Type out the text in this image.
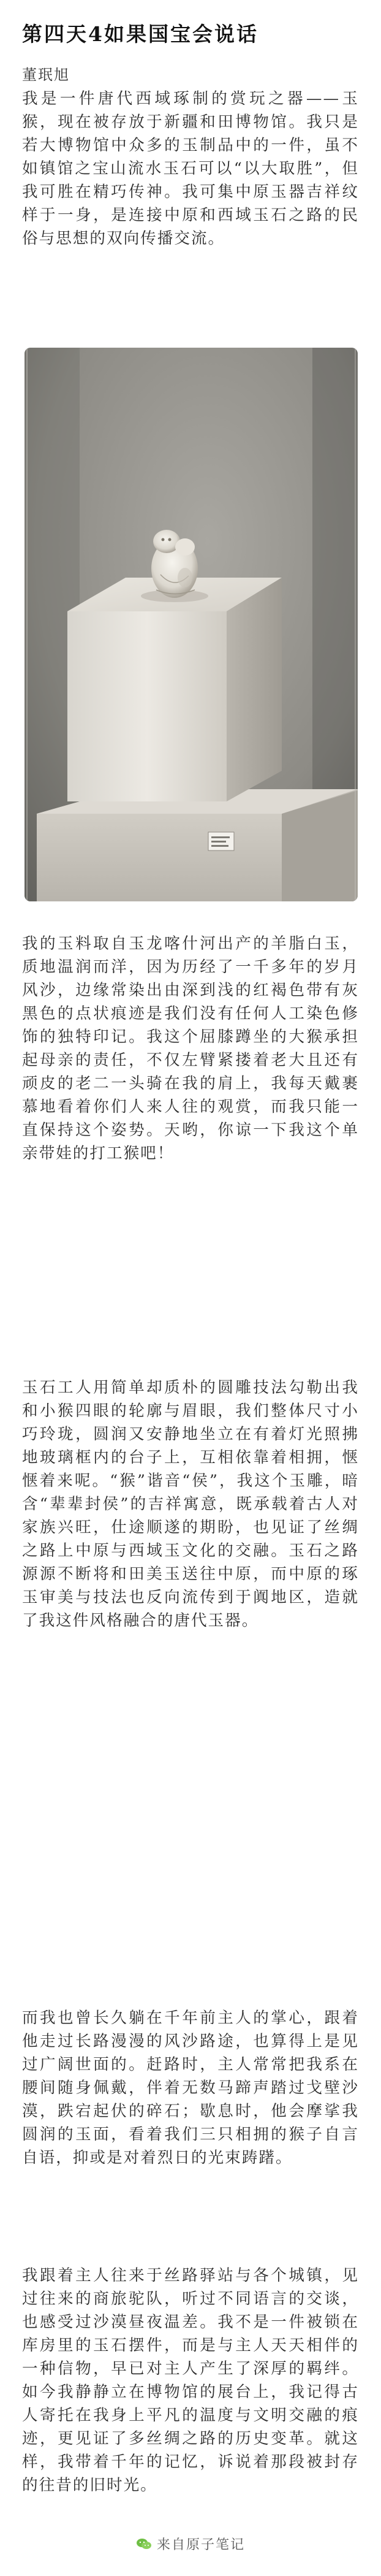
第四天4如果国宝会说话
董珉旭

我是一件唐代西域琢制的赏玩之器——玉猴，现在被存放于新疆和田博物馆。我只是若大博物馆中众多的玉制品中的一件，虽不如镇馆之宝山流水玉石可以“以大取胜”，但我可胜在精巧传神。我可集中原玉器吉祥纹样于一身，是连接中原和西域玉石之路的民俗与思想的双向传播交流。

我的玉料取自玉龙喀什河出产的羊脂白玉，质地温润而洋，因为历经了一千多年的岁月风沙，边缘常染出由深到浅的红褐色带有灰黑色的点状痕迹是我们没有任何人工染色修饰的独特印记。我这个屈膝蹲坐的大猴承担起母亲的责任，不仅左臂紧搂着老大且还有顽皮的老二一头骑在我的肩上，我每天戴裹慕地看着你们人来人往的观赏，而我只能一直保持这个姿势。天哟，你谅一下我这个单亲带娃的打工猴吧！

玉石工人用简单却质朴的圆雕技法勾勒出我和小猴四眼的轮廓与眉眼，我们整体尺寸小巧玲珑，圆润又安静地坐立在有着灯光照拂地玻璃框内的台子上，互相依靠着相拥，惬惬着来呢。“猴”谐音“侯”，我这个玉雕，暗含“辈辈封侯”的吉祥寓意，既承载着古人对家族兴旺，仕途顺遂的期盼，也见证了丝绸之路上中原与西域玉文化的交融。玉石之路源源不断将和田美玉送往中原，而中原的琢玉审美与技法也反向流传到于阗地区，造就了我这件风格融合的唐代玉器。

而我也曾长久躺在千年前主人的掌心，跟着他走过长路漫漫的风沙路途，也算得上是见过广阔世面的。赶路时，主人常常把我系在腰间随身佩戴，伴着无数马蹄声踏过戈壁沙漠，跌宕起伏的碎石；歇息时，他会摩挲我圆润的玉面，看着我们三只相拥的猴子自言自语，抑或是对着烈日的光束踌躇。

我跟着主人往来于丝路驿站与各个城镇，见过往来的商旅驼队，听过不同语言的交谈，也感受过沙漠昼夜温差。我不是一件被锁在库房里的玉石摆件，而是与主人天天相伴的一种信物，早已对主人产生了深厚的羁绊。如今我静静立在博物馆的展台上，我记得古人寄托在我身上平凡的温度与文明交融的痕迹，更见证了多丝绸之路的历史变革。就这样，我带着千年的记忆，诉说着那段被封存的往昔的旧时光。

来自原子笔记
